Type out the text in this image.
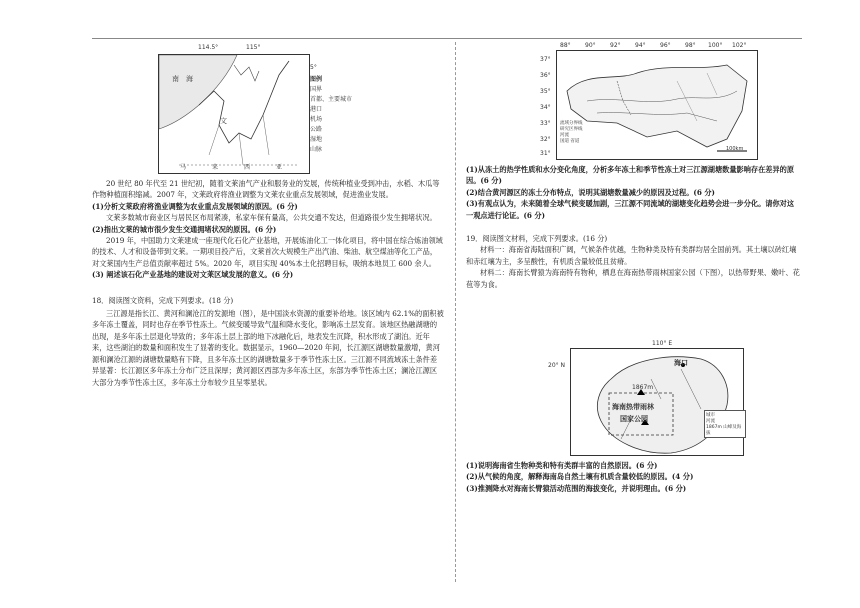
114.5°	115°
南　海
文
马	来	西	亚
5°
图例
国界
首都、主要城市
港口
机场
公路
湿地
山脉

20 世纪 80 年代至 21 世纪初，随着文莱油气产业和服务业的发展，传统种植业受到冲击，水稻、木瓜等作物种植面积缩减。2007 年，文莱政府将渔业调整为文莱农业重点发展领域，促进渔业发展。

(1)分析文莱政府将渔业调整为农业重点发展领域的原因。(6 分)

文莱多数城市商业区与居民区布局紧凑，私家车保有量高，公共交通不发达，但道路很少发生拥堵状况。

(2)指出文莱的城市很少发生交通拥堵状况的原因。(6 分)

2019 年，中国助力文莱建成一座现代化石化产业基地，开展炼油化工一体化项目，将中国在综合炼油领域的技术、人才和设备带到文莱。一期项目投产后，文莱首次大规模生产出汽油、柴油、航空煤油等化工产品，对文莱国内生产总值贡献率超过 5%。2020 年，项目实现 40%本土化招聘目标，吸纳本地员工 600 余人。

(3) 阐述该石化产业基地的建设对文莱区域发展的意义。(6 分)

18．阅读图文资料，完成下列要求。(18 分)

三江源是指长江、黄河和澜沧江的发源地（图），是中国淡水资源的重要补给地。该区域内 62.1%的面积被多年冻土覆盖，同时也存在季节性冻土。气候变暖导致气温和降水变化，影响冻土层发育。该地区热融湖塘的出现，是多年冻土层退化导致的；多年冻土层上部的地下冰融化后，地表发生沉降，积水形成了湖泊。近年来，这些湖泊的数量和面积发生了显著的变化。数据显示，1960—2020 年间，长江源区湖塘数量激增，黄河源和澜沧江源的湖塘数量略有下降，且多年冻土区的湖塘数量多于季节性冻土区。三江源不同流域冻土条件差异显著：长江源区多年冻土分布广泛且深厚；黄河源区西部为多年冻土区，东部为季节性冻土区；澜沧江源区大部分为季节性冻土区，多年冻土分布较少且呈零星状。

88° 90° 92° 94° 96° 98° 100° 102°
37°
36°
35°
34°
33°
32°
31°
流域分界线
研究区界线
河流
国道 省道
100km

(1)从冻土的热学性质和水分变化角度，分析多年冻土和季节性冻土对三江源湖塘数量影响存在差异的原因。(6 分)

(2)结合黄河源区的冻土分布特点，说明其湖塘数量减少的原因及过程。(6 分)

(3)有观点认为，未来随着全球气候变暖加剧，三江源不同流域的湖塘变化趋势会进一步分化。请你对这一观点进行论证。(6 分)

19．阅读图文材料，完成下列要求。(16 分)

材料一：海南省海陆面积广阔，气候条件优越，生物种类及特有类群均居全国前列。其土壤以砖红壤和赤红壤为主，多呈酸性，有机质含量较低且贫瘠。

材料二：海南长臂猿为海南特有物种，栖息在海南热带雨林国家公园（下图），以热带野果、嫩叶、花苞等为食。

110° E
20° N	海口
1867m
海南热带雨林
国家公园	城市
河流
1867m 山峰及海拔

(1)说明海南省生物种类和特有类群丰富的自然原因。(6 分)

(2)从气候的角度，解释海南岛自然土壤有机质含量较低的原因。(4 分)

(3)推测降水对海南长臂猿活动范围的海拔变化，并说明理由。(6 分)
